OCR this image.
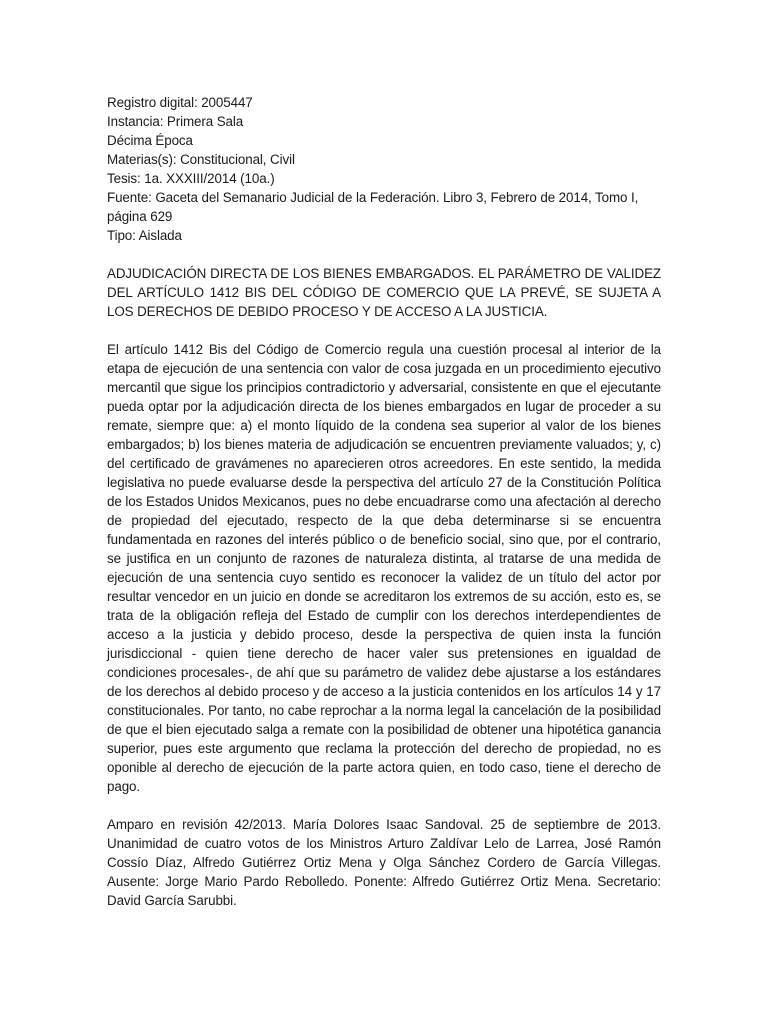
Registro digital: 2005447
Instancia: Primera Sala
Décima Época
Materias(s): Constitucional, Civil
Tesis: 1a. XXXIII/2014 (10a.)
Fuente: Gaceta del Semanario Judicial de la Federación. Libro 3, Febrero de 2014, Tomo I, página 629
Tipo: Aislada
ADJUDICACIÓN DIRECTA DE LOS BIENES EMBARGADOS. EL PARÁMETRO DE VALIDEZ DEL ARTÍCULO 1412 BIS DEL CÓDIGO DE COMERCIO QUE LA PREVÉ, SE SUJETA A LOS DERECHOS DE DEBIDO PROCESO Y DE ACCESO A LA JUSTICIA.
El artículo 1412 Bis del Código de Comercio regula una cuestión procesal al interior de la etapa de ejecución de una sentencia con valor de cosa juzgada en un procedimiento ejecutivo mercantil que sigue los principios contradictorio y adversarial, consistente en que el ejecutante pueda optar por la adjudicación directa de los bienes embargados en lugar de proceder a su remate, siempre que: a) el monto líquido de la condena sea superior al valor de los bienes embargados; b) los bienes materia de adjudicación se encuentren previamente valuados; y, c) del certificado de gravámenes no aparecieren otros acreedores. En este sentido, la medida legislativa no puede evaluarse desde la perspectiva del artículo 27 de la Constitución Política de los Estados Unidos Mexicanos, pues no debe encuadrarse como una afectación al derecho de propiedad del ejecutado, respecto de la que deba determinarse si se encuentra fundamentada en razones del interés público o de beneficio social, sino que, por el contrario, se justifica en un conjunto de razones de naturaleza distinta, al tratarse de una medida de ejecución de una sentencia cuyo sentido es reconocer la validez de un título del actor por resultar vencedor en un juicio en donde se acreditaron los extremos de su acción, esto es, se trata de la obligación refleja del Estado de cumplir con los derechos interdependientes de acceso a la justicia y debido proceso, desde la perspectiva de quien insta la función jurisdiccional - quien tiene derecho de hacer valer sus pretensiones en igualdad de condiciones procesales-, de ahí que su parámetro de validez debe ajustarse a los estándares de los derechos al debido proceso y de acceso a la justicia contenidos en los artículos 14 y 17 constitucionales. Por tanto, no cabe reprochar a la norma legal la cancelación de la posibilidad de que el bien ejecutado salga a remate con la posibilidad de obtener una hipotética ganancia superior, pues este argumento que reclama la protección del derecho de propiedad, no es oponible al derecho de ejecución de la parte actora quien, en todo caso, tiene el derecho de pago.
Amparo en revisión 42/2013. María Dolores Isaac Sandoval. 25 de septiembre de 2013. Unanimidad de cuatro votos de los Ministros Arturo Zaldívar Lelo de Larrea, José Ramón Cossío Díaz, Alfredo Gutiérrez Ortiz Mena y Olga Sánchez Cordero de García Villegas. Ausente: Jorge Mario Pardo Rebolledo. Ponente: Alfredo Gutiérrez Ortiz Mena. Secretario: David García Sarubbi.
